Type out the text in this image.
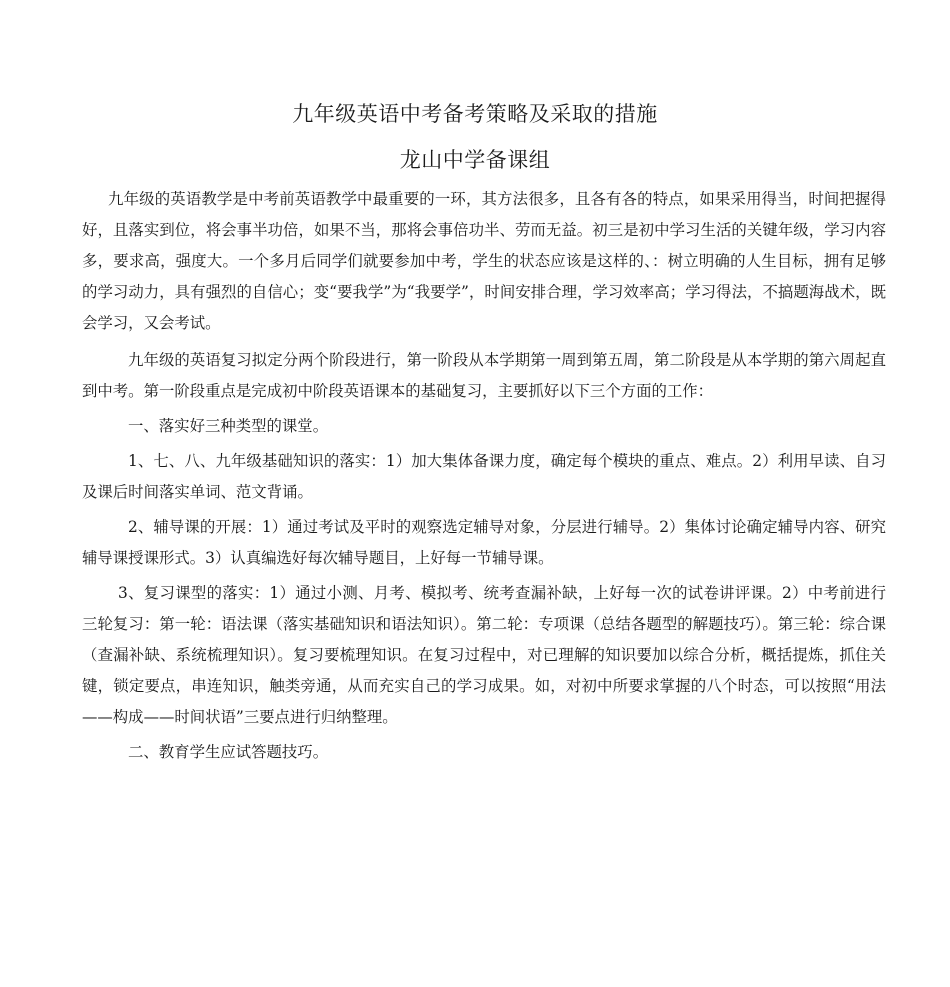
九年级英语中考备考策略及采取的措施
龙山中学备课组

九年级的英语教学是中考前英语教学中最重要的一环，其方法很多，且各有各的特点，如果采用得当，时间把握得好，且落实到位，将会事半功倍，如果不当，那将会事倍功半、劳而无益。初三是初中学习生活的关键年级，学习内容多，要求高，强度大。一个多月后同学们就要参加中考，学生的状态应该是这样的、：树立明确的人生目标，拥有足够的学习动力，具有强烈的自信心；变“要我学”为“我要学”，时间安排合理，学习效率高；学习得法，不搞题海战术，既会学习，又会考试。

九年级的英语复习拟定分两个阶段进行，第一阶段从本学期第一周到第五周，第二阶段是从本学期的第六周起直到中考。第一阶段重点是完成初中阶段英语课本的基础复习，主要抓好以下三个方面的工作：

一、落实好三种类型的课堂。

1、七、八、九年级基础知识的落实：1）加大集体备课力度，确定每个模块的重点、难点。2）利用早读、自习及课后时间落实单词、范文背诵。

2、辅导课的开展：1）通过考试及平时的观察选定辅导对象，分层进行辅导。2）集体讨论确定辅导内容、研究辅导课授课形式。3）认真编选好每次辅导题目，上好每一节辅导课。

3、复习课型的落实：1）通过小测、月考、模拟考、统考查漏补缺，上好每一次的试卷讲评课。2）中考前进行三轮复习：第一轮：语法课（落实基础知识和语法知识）。第二轮：专项课（总结各题型的解题技巧）。第三轮：综合课（查漏补缺、系统梳理知识）。复习要梳理知识。在复习过程中，对已理解的知识要加以综合分析，概括提炼，抓住关键，锁定要点，串连知识，触类旁通，从而充实自己的学习成果。如，对初中所要求掌握的八个时态，可以按照“用法——构成——时间状语”三要点进行归纳整理。

二、教育学生应试答题技巧。
